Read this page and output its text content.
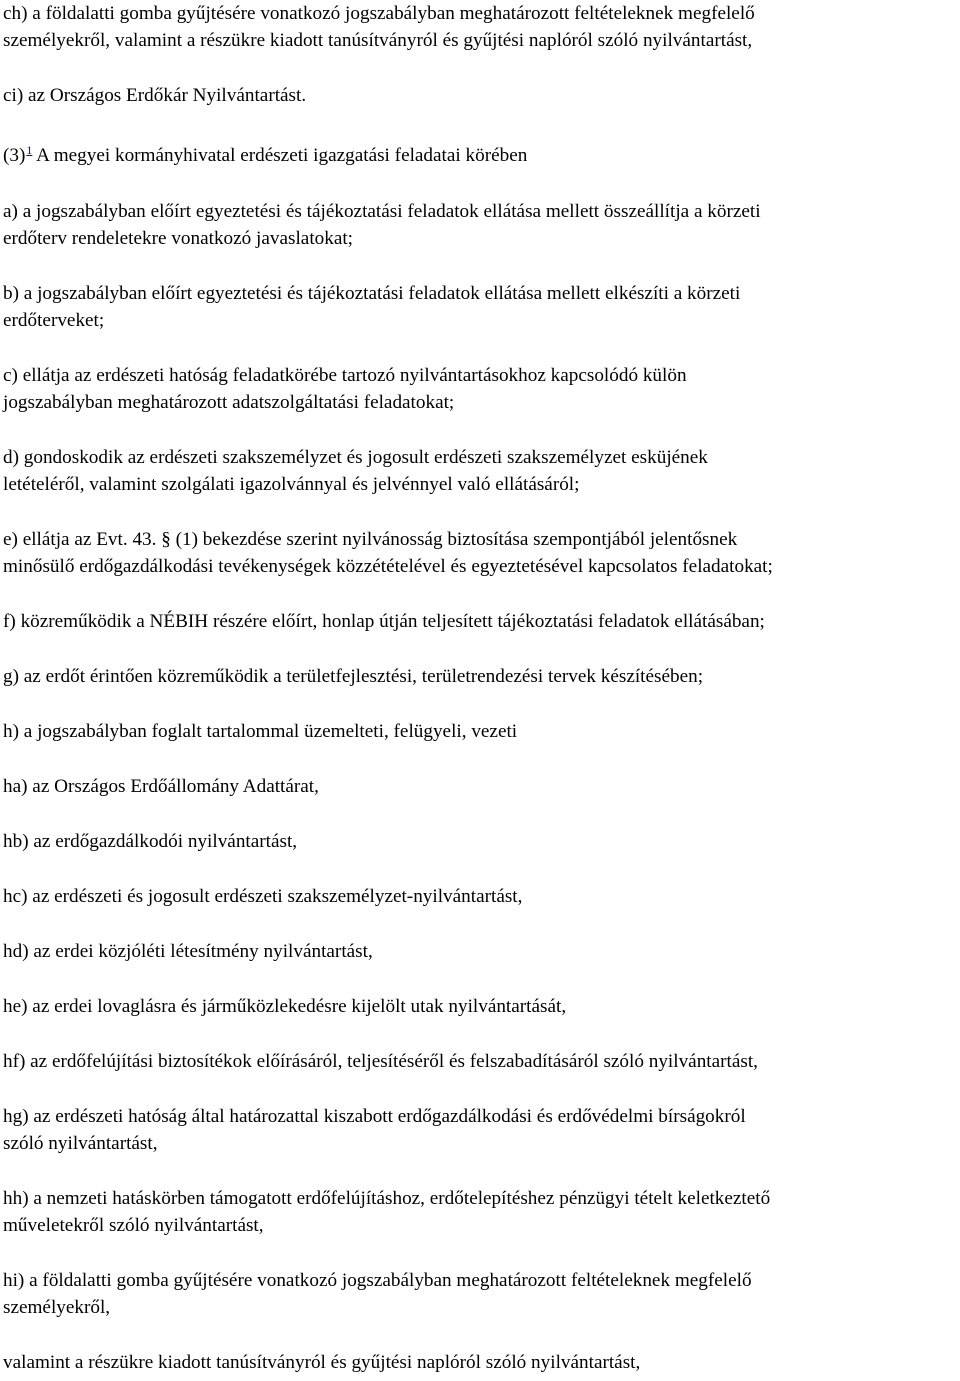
ch) a földalatti gomba gyűjtésére vonatkozó jogszabályban meghatározott feltételeknek megfelelő

személyekről, valamint a részükre kiadott tanúsítványról és gyűjtési naplóról szóló nyilvántartást,

ci) az Országos Erdőkár Nyilvántartást.

$(3)^1$ A megyei kormányhivatal erdészeti igazgatási feladatai körében

a) a jogszabályban előírt egyeztetési és tájékoztatási feladatok ellátása mellett összeállítja a körzeti

erdőterv rendeletekre vonatkozó javaslatokat;

b) a jogszabályban előírt egyeztetési és tájékoztatási feladatok ellátása mellett elkészíti a körzeti

erdőterveket;

c) ellátja az erdészeti hatóság feladatkörébe tartozó nyilvántartásokhoz kapcsolódó külön

jogszabályban meghatározott adatszolgáltatási feladatokat;

d) gondoskodik az erdészeti szakszemélyzet és jogosult erdészeti szakszemélyzet esküjének

letételéről, valamint szolgálati igazolvánnyal és jelvénnyel való ellátásáról;

e) ellátja az Evt. 43. § (1) bekezdése szerint nyilvánosság biztosítása szempontjából jelentősnek

minősülő erdőgazdálkodási tevékenységek közzétételével és egyeztetésével kapcsolatos feladatokat;

f) közreműködik a NÉBIH részére előírt, honlap útján teljesített tájékoztatási feladatok ellátásában;

g) az erdőt érintően közreműködik a területfejlesztési, területrendezési tervek készítésében;

h) a jogszabályban foglalt tartalommal üzemelteti, felügyeli, vezeti

ha) az Országos Erdőállomány Adattárat,

hb) az erdőgazdálkodói nyilvántartást,

hc) az erdészeti és jogosult erdészeti szakszemélyzet-nyilvántartást,

hd) az erdei közjóléti létesítmény nyilvántartást,

he) az erdei lovaglásra és járműközlekedésre kijelölt utak nyilvántartását,

hf) az erdőfelújítási biztosítékok előírásáról, teljesítéséről és felszabadításáról szóló nyilvántartást,

hg) az erdészeti hatóság által határozattal kiszabott erdőgazdálkodási és erdővédelmi bírságokról

szóló nyilvántartást,

hh) a nemzeti hatáskörben támogatott erdőfelújításhoz, erdőtelepítéshez pénzügyi tételt keletkeztető

műveletekről szóló nyilvántartást,

hi) a földalatti gomba gyűjtésére vonatkozó jogszabályban meghatározott feltételeknek megfelelő

személyekről,

valamint a részükre kiadott tanúsítványról és gyűjtési naplóról szóló nyilvántartást,
